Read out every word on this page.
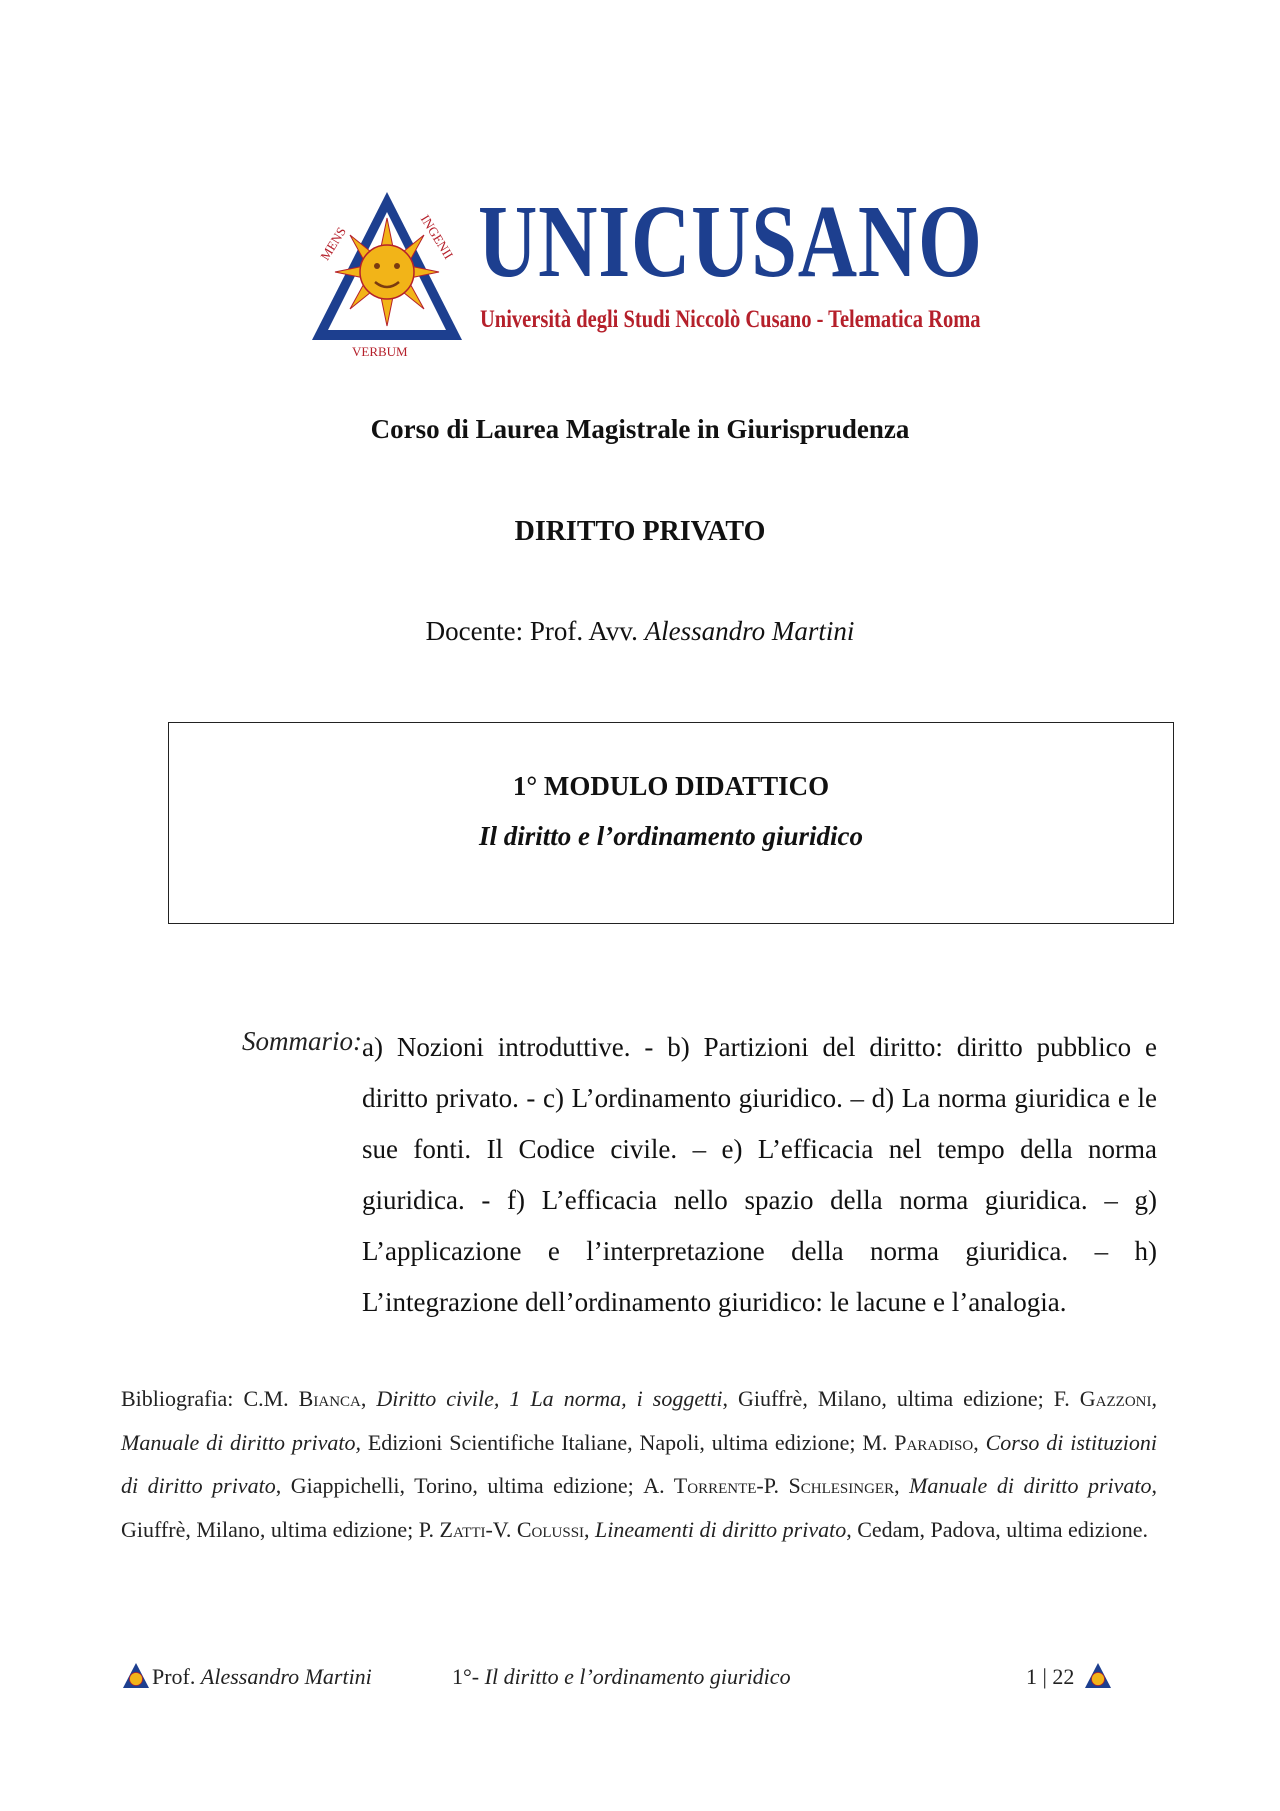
MENS	INGENII
VERBUM
UNICUSANO
Università degli Studi Niccolò Cusano - Telematica Roma
Corso di Laurea Magistrale in Giurisprudenza
DIRITTO PRIVATO
Docente: Prof. Avv. Alessandro Martini
1° MODULO DIDATTICO
Il diritto e l’ordinamento giuridico
Sommario: a) Nozioni introduttive. - b) Partizioni del diritto: diritto pubblico e diritto privato. - c) L’ordinamento giuridico. – d) La norma giuridica e le sue fonti. Il Codice civile. – e) L’efficacia nel tempo della norma giuridica. - f) L’efficacia nello spazio della norma giuridica. – g) L’applicazione e l’interpretazione della norma giuridica. – h) L’integrazione dell’ordinamento giuridico: le lacune e l’analogia.
Bibliografia: C.M. Bianca, Diritto civile, 1 La norma, i soggetti, Giuffrè, Milano, ultima edizione; F. Gazzoni, Manuale di diritto privato, Edizioni Scientifiche Italiane, Napoli, ultima edizione; M. Paradiso, Corso di istituzioni di diritto privato, Giappichelli, Torino, ultima edizione; A. Torrente-P. Schlesinger, Manuale di diritto privato, Giuffrè, Milano, ultima edizione; P. Zatti-V. Colussi, Lineamenti di diritto privato, Cedam, Padova, ultima edizione.
Prof. Alessandro Martini	1°- Il diritto e l’ordinamento giuridico	1 | 22
